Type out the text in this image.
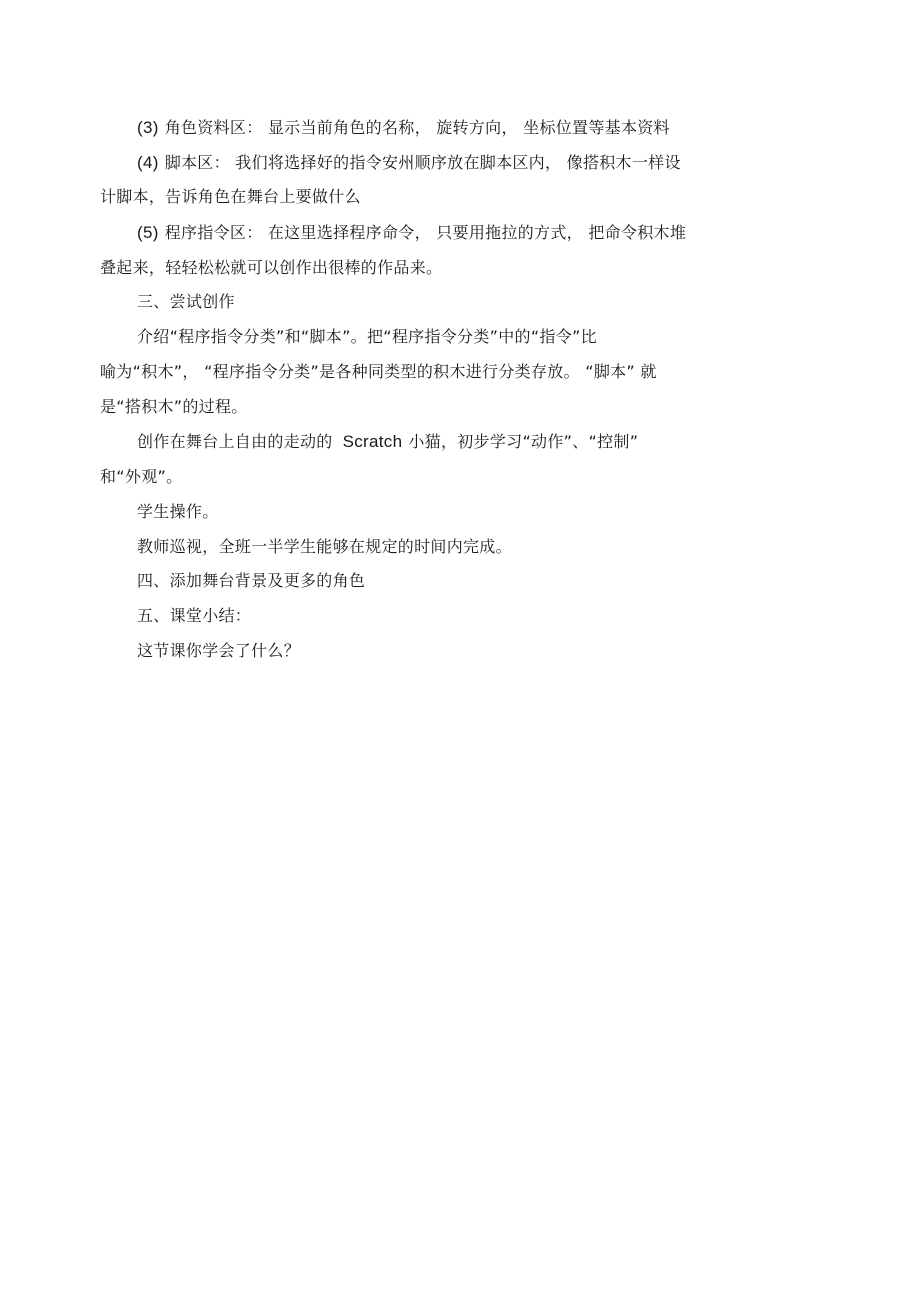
(3) 角色资料区： 显示当前角色的名称， 旋转方向， 坐标位置等基本资料
(4) 脚本区： 我们将选择好的指令安州顺序放在脚本区内， 像搭积木一样设
计脚本，告诉角色在舞台上要做什么
(5) 程序指令区： 在这里选择程序命令， 只要用拖拉的方式， 把命令积木堆
叠起来，轻轻松松就可以创作出很棒的作品来。
三、尝试创作
介绍“程序指令分类”和“脚本”。把“程序指令分类”中的“指令”比
喻为“积木”， “程序指令分类”是各种同类型的积木进行分类存放。 “脚本” 就
是“搭积木”的过程。
创作在舞台上自由的走动的 Scratch 小猫，初步学习“动作”、“控制”
和“外观”。
学生操作。
教师巡视，全班一半学生能够在规定的时间内完成。
四、添加舞台背景及更多的角色
五、课堂小结：
这节课你学会了什么？
